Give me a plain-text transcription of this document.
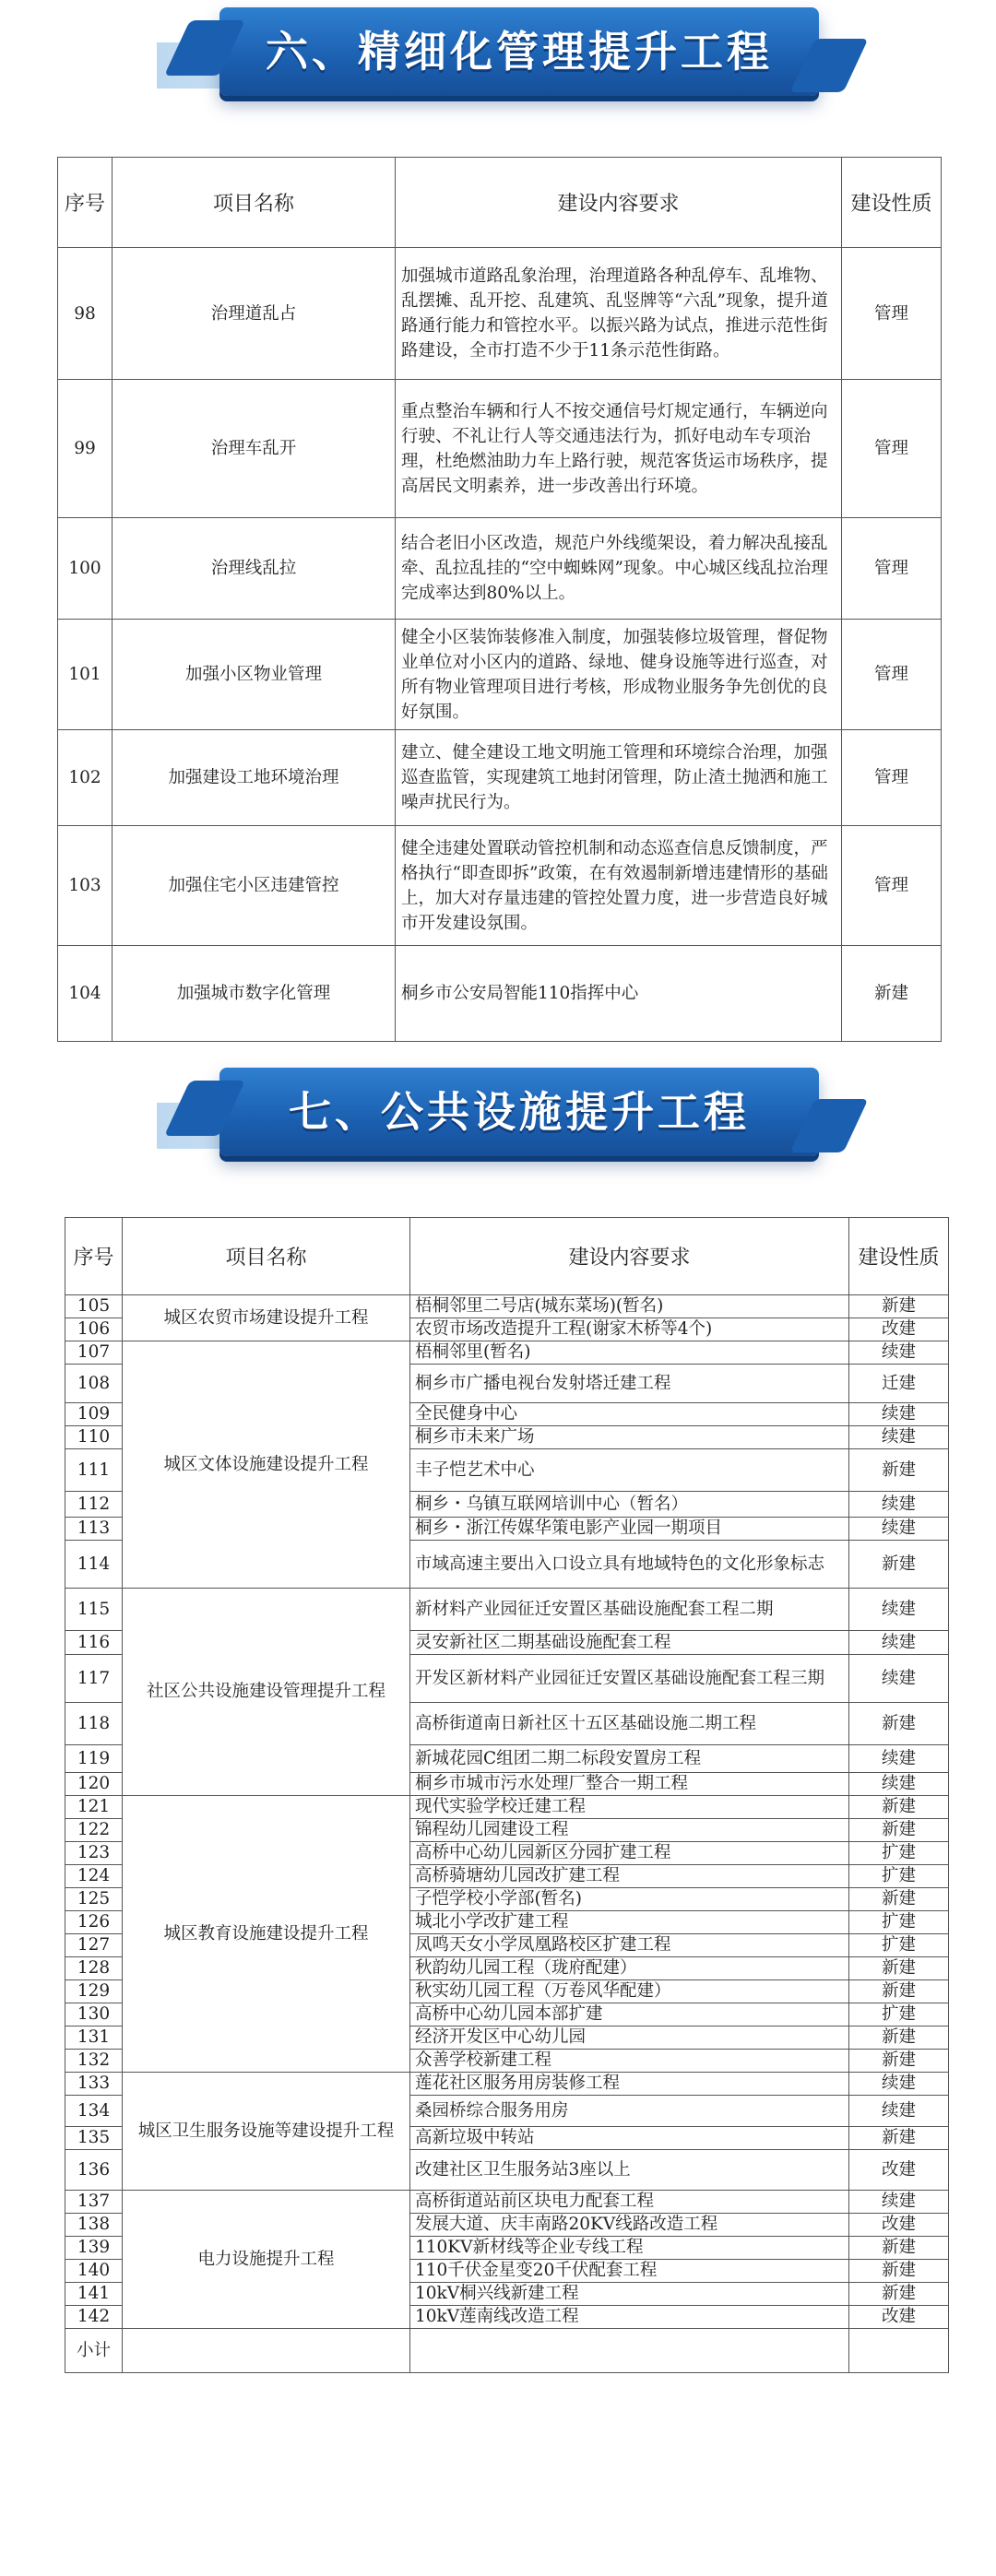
六、精细化管理提升工程
序号	项目名称	建设内容要求	建设性质
98	治理道乱占	加强城市道路乱象治理，治理道路各种乱停车、乱堆物、乱摆摊、乱开挖、乱建筑、乱竖牌等“六乱”现象，提升道路通行能力和管控水平。以振兴路为试点，推进示范性街路建设，全市打造不少于11条示范性街路。	管理
99	治理车乱开	重点整治车辆和行人不按交通信号灯规定通行，车辆逆向行驶、不礼让行人等交通违法行为，抓好电动车专项治理，杜绝燃油助力车上路行驶，规范客货运市场秩序，提高居民文明素养，进一步改善出行环境。	管理
100	治理线乱拉	结合老旧小区改造，规范户外线缆架设，着力解决乱接乱牵、乱拉乱挂的“空中蜘蛛网”现象。中心城区线乱拉治理完成率达到80%以上。	管理
101	加强小区物业管理	健全小区装饰装修准入制度，加强装修垃圾管理，督促物业单位对小区内的道路、绿地、健身设施等进行巡查，对所有物业管理项目进行考核，形成物业服务争先创优的良好氛围。	管理
102	加强建设工地环境治理	建立、健全建设工地文明施工管理和环境综合治理，加强巡查监管，实现建筑工地封闭管理，防止渣土抛洒和施工噪声扰民行为。	管理
103	加强住宅小区违建管控	健全违建处置联动管控机制和动态巡查信息反馈制度，严格执行“即查即拆”政策，在有效遏制新增违建情形的基础上，加大对存量违建的管控处置力度，进一步营造良好城市开发建设氛围。	管理
104	加强城市数字化管理	桐乡市公安局智能110指挥中心	新建
七、公共设施提升工程
序号	项目名称	建设内容要求	建设性质
105	城区农贸市场建设提升工程	梧桐邻里二号店(城东菜场)(暂名)	新建
106		农贸市场改造提升工程(谢家木桥等4个)	改建
107	城区文体设施建设提升工程	梧桐邻里(暂名)	续建
108		桐乡市广播电视台发射塔迁建工程	迁建
109		全民健身中心	续建
110		桐乡市未来广场	续建
111		丰子恺艺术中心	新建
112		桐乡・乌镇互联网培训中心（暂名）	续建
113		桐乡・浙江传媒华策电影产业园一期项目	续建
114		市域高速主要出入口设立具有地域特色的文化形象标志	新建
115	社区公共设施建设管理提升工程	新材料产业园征迁安置区基础设施配套工程二期	续建
116		灵安新社区二期基础设施配套工程	续建
117		开发区新材料产业园征迁安置区基础设施配套工程三期	续建
118		高桥街道南日新社区十五区基础设施二期工程	新建
119		新城花园C组团二期二标段安置房工程	续建
120		桐乡市城市污水处理厂整合一期工程	续建
121	城区教育设施建设提升工程	现代实验学校迁建工程	新建
122		锦程幼儿园建设工程	新建
123		高桥中心幼儿园新区分园扩建工程	扩建
124		高桥骑塘幼儿园改扩建工程	扩建
125		子恺学校小学部(暂名)	新建
126		城北小学改扩建工程	扩建
127		凤鸣天女小学凤凰路校区扩建工程	扩建
128		秋韵幼儿园工程（珑府配建）	新建
129		秋实幼儿园工程（万卷风华配建）	新建
130		高桥中心幼儿园本部扩建	扩建
131		经济开发区中心幼儿园	新建
132		众善学校新建工程	新建
133	城区卫生服务设施等建设提升工程	莲花社区服务用房装修工程	续建
134		桑园桥综合服务用房	续建
135		高新垃圾中转站	新建
136		改建社区卫生服务站3座以上	改建
137	电力设施提升工程	高桥街道站前区块电力配套工程	续建
138		发展大道、庆丰南路20KV线路改造工程	改建
139		110KV新材线等企业专线工程	新建
140		110千伏金星变20千伏配套工程	新建
141		10kV桐兴线新建工程	新建
142		10kV莲南线改造工程	改建
小计			
